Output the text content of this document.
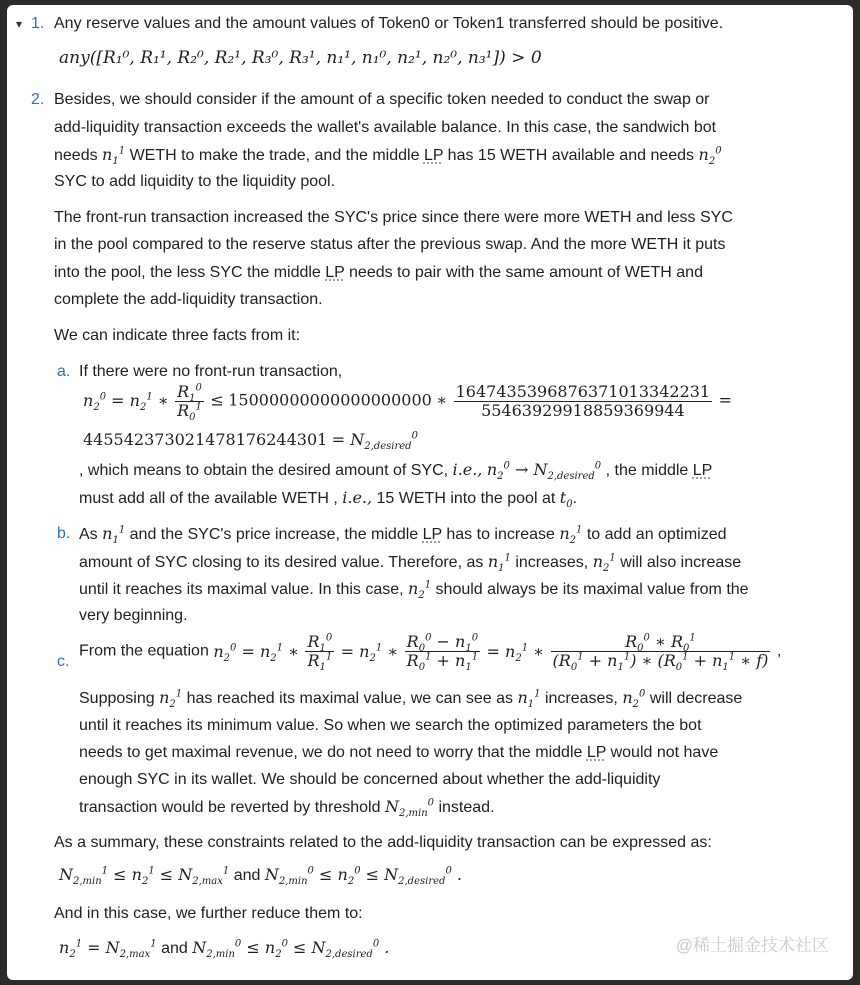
▾ 1. Any reserve values and the amount values of Token0 or Token1 transferred should be positive.
any([R₁⁰, R₁¹, R₂⁰, R₂¹, R₃⁰, R₃¹, n₁¹, n₁⁰, n₂¹, n₂⁰, n₃¹]) > 0
2. Besides, we should consider if the amount of a specific token needed to conduct the swap or
add-liquidity transaction exceeds the wallet's available balance. In this case, the sandwich bot
needs $n_1^1$ WETH to make the trade, and the middle LP has 15 WETH available and needs $n_2^0$
SYC to add liquidity to the liquidity pool.
The front-run transaction increased the SYC's price since there were more WETH and less SYC
in the pool compared to the reserve status after the previous swap. And the more WETH it puts
into the pool, the less SYC the middle LP needs to pair with the same amount of WETH and
complete the add-liquidity transaction.
We can indicate three facts from it:
a. If there were no front-run transaction,
$n_2^0 = n_2^1$ ∗ $\frac{R_1^0}{R_0^1} \le 15000000000000000000$ ∗ $\frac{1647435396876371013342231}{55463929918859369944}$ =
4455423730214781762443​01 = $N_{2,desired}^0$
, which means to obtain the desired amount of SYC, i.e., $n_2^0 \to N_{2,desired}^0$ , the middle LP
must add all of the available WETH , i.e., 15 WETH into the pool at $t_0$.
b. As $n_1^1$ and the SYC's price increase, the middle LP has to increase $n_2^1$ to add an optimized
amount of SYC closing to its desired value. Therefore, as $n_1^1$ increases, $n_2^1$ will also increase
until it reaches its maximal value. In this case, $n_2^1$ should always be its maximal value from the
very beginning.
c.
From the equation $n_2^0 = n_2^1$ ∗ $\frac{R_1^0}{R_1^1} = n_2^1$ ∗ $\frac{R_0^0 - n_1^0}{R_0^1 + n_1^1} = n_2^1$ ∗ $\frac{R_0^0 ∗ R_0^1}{(R_0^1 + n_1^1) ∗ (R_0^1 + n_1^1 ∗ f)}$ ,
Supposing $n_2^1$ has reached its maximal value, we can see as $n_1^1$ increases, $n_2^0$ will decrease
until it reaches its minimum value. So when we search the optimized parameters the bot
needs to get maximal revenue, we do not need to worry that the middle LP would not have
enough SYC in its wallet. We should be concerned about whether the add-liquidity
transaction would be reverted by threshold $N_{2,min}^0$ instead.
As a summary, these constraints related to the add-liquidity transaction can be expressed as:
$N_{2,min}^1 \le n_2^1 \le N_{2,max}^1$ and $N_{2,min}^0 \le n_2^0 \le N_{2,desired}^0$ .
And in this case, we further reduce them to:
$n_2^1 = N_{2,max}^1$ and $N_{2,min}^0 \le n_2^0 \le N_{2,desired}^0$ .	@稀土掘金技术社区
